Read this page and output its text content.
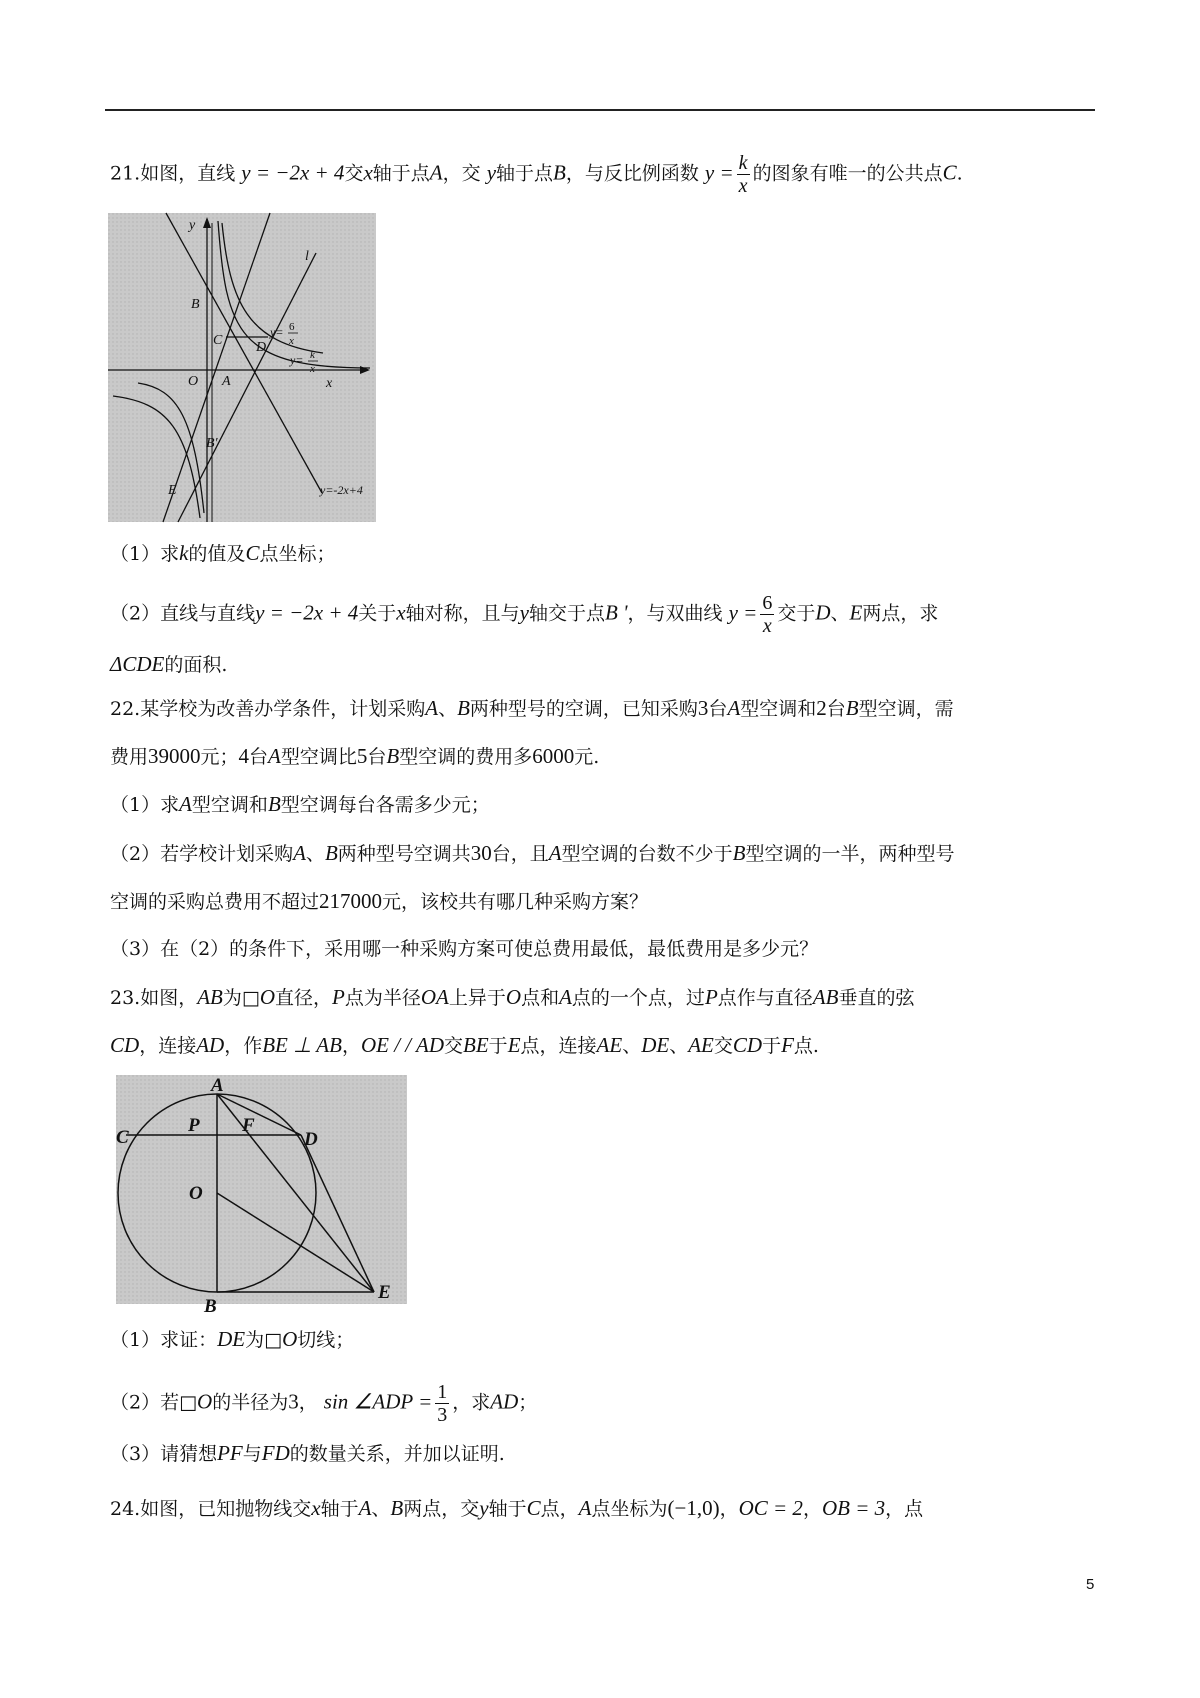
21.如图，直线 y = −2x + 4交x轴于点A，交 y轴于点B，与反比例函数 $y = \frac{k}{x}$ 的图象有唯一的公共点C.
y
l
B
C D
y= 6
x
y= k
x
O A	x
B′
E	y=-2x+4
（1）求k的值及C点坐标；
（2）直线与直线y = −2x + 4关于x轴对称，且与y轴交于点B '，与双曲线 $y = \frac{6}{x}$ 交于D、E两点，求
ΔCDE的面积.
22.某学校为改善办学条件，计划采购A、B两种型号的空调，已知采购3台A型空调和2台B型空调，需
费用39000元；4台A型空调比5台B型空调的费用多6000元.
（1）求A型空调和B型空调每台各需多少元；
（2）若学校计划采购A、B两种型号空调共30台，且A型空调的台数不少于B型空调的一半，两种型号
空调的采购总费用不超过217000元，该校共有哪几种采购方案？
（3）在（2）的条件下，采用哪一种采购方案可使总费用最低，最低费用是多少元？
23.如图，AB为□O直径，P点为半径OA上异于O点和A点的一个点，过P点作与直径AB垂直的弦
CD，连接AD，作BE ⊥ AB，OE / / AD交BE于E点，连接AE、DE、AE交CD于F点.
A
C
P F
D
O
B
E
（1）求证：DE为□O切线；
（2）若□O的半径为3， sin ∠ADP = $\frac{1}{3}$ ，求AD；
（3）请猜想PF与FD的数量关系，并加以证明.
24.如图，已知抛物线交x轴于A、B两点，交y轴于C点，A点坐标为(−1,0)，OC = 2，OB = 3，点
5
